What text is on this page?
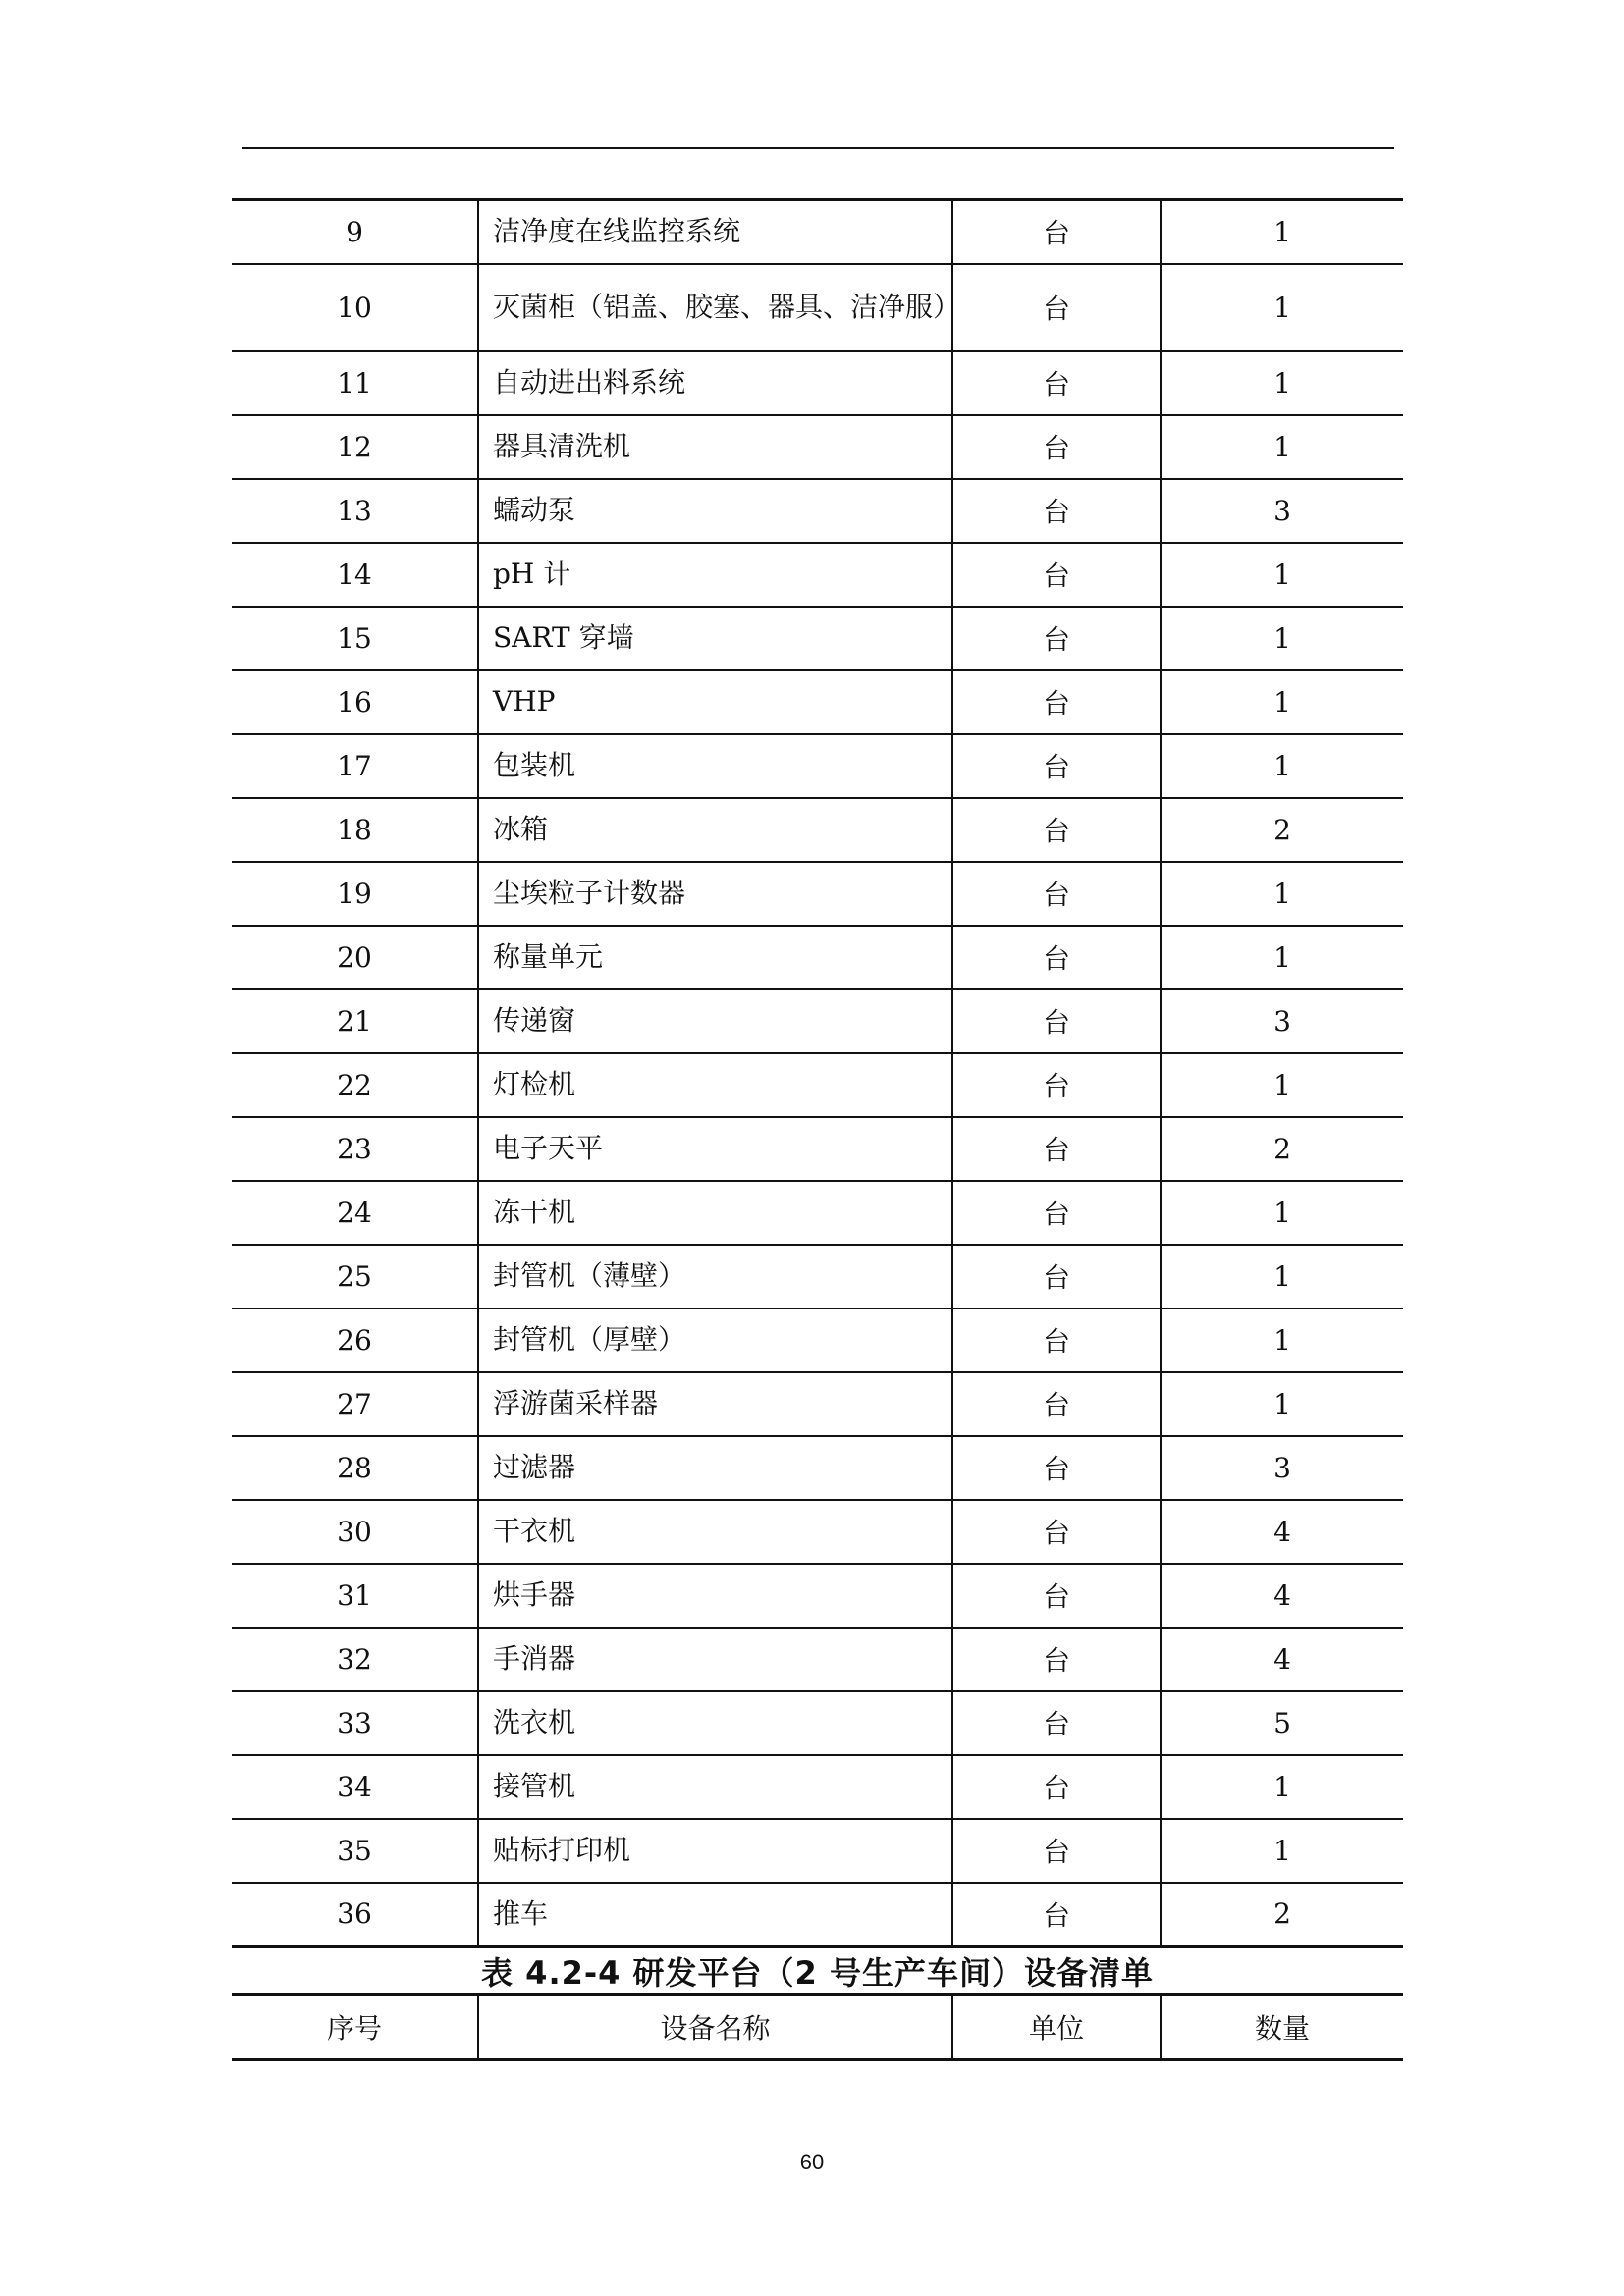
9	洁净度在线监控系统	台	1
10	灭菌柜（铝盖、胶塞、器具、洁净服）	台	1
11	自动进出料系统	台	1
12	器具清洗机	台	1
13	蠕动泵	台	3
14	pH 计	台	1
15	SART 穿墙	台	1
16	VHP	台	1
17	包装机	台	1
18	冰箱	台	2
19	尘埃粒子计数器	台	1
20	称量单元	台	1
21	传递窗	台	3
22	灯检机	台	1
23	电子天平	台	2
24	冻干机	台	1
25	封管机（薄壁）	台	1
26	封管机（厚壁）	台	1
27	浮游菌采样器	台	1
28	过滤器	台	3
30	干衣机	台	4
31	烘手器	台	4
32	手消器	台	4
33	洗衣机	台	5
34	接管机	台	1
35	贴标打印机	台	1
36	推车	台	2
表 4.2-4 研发平台（2 号生产车间）设备清单
序号	设备名称	单位	数量
60
